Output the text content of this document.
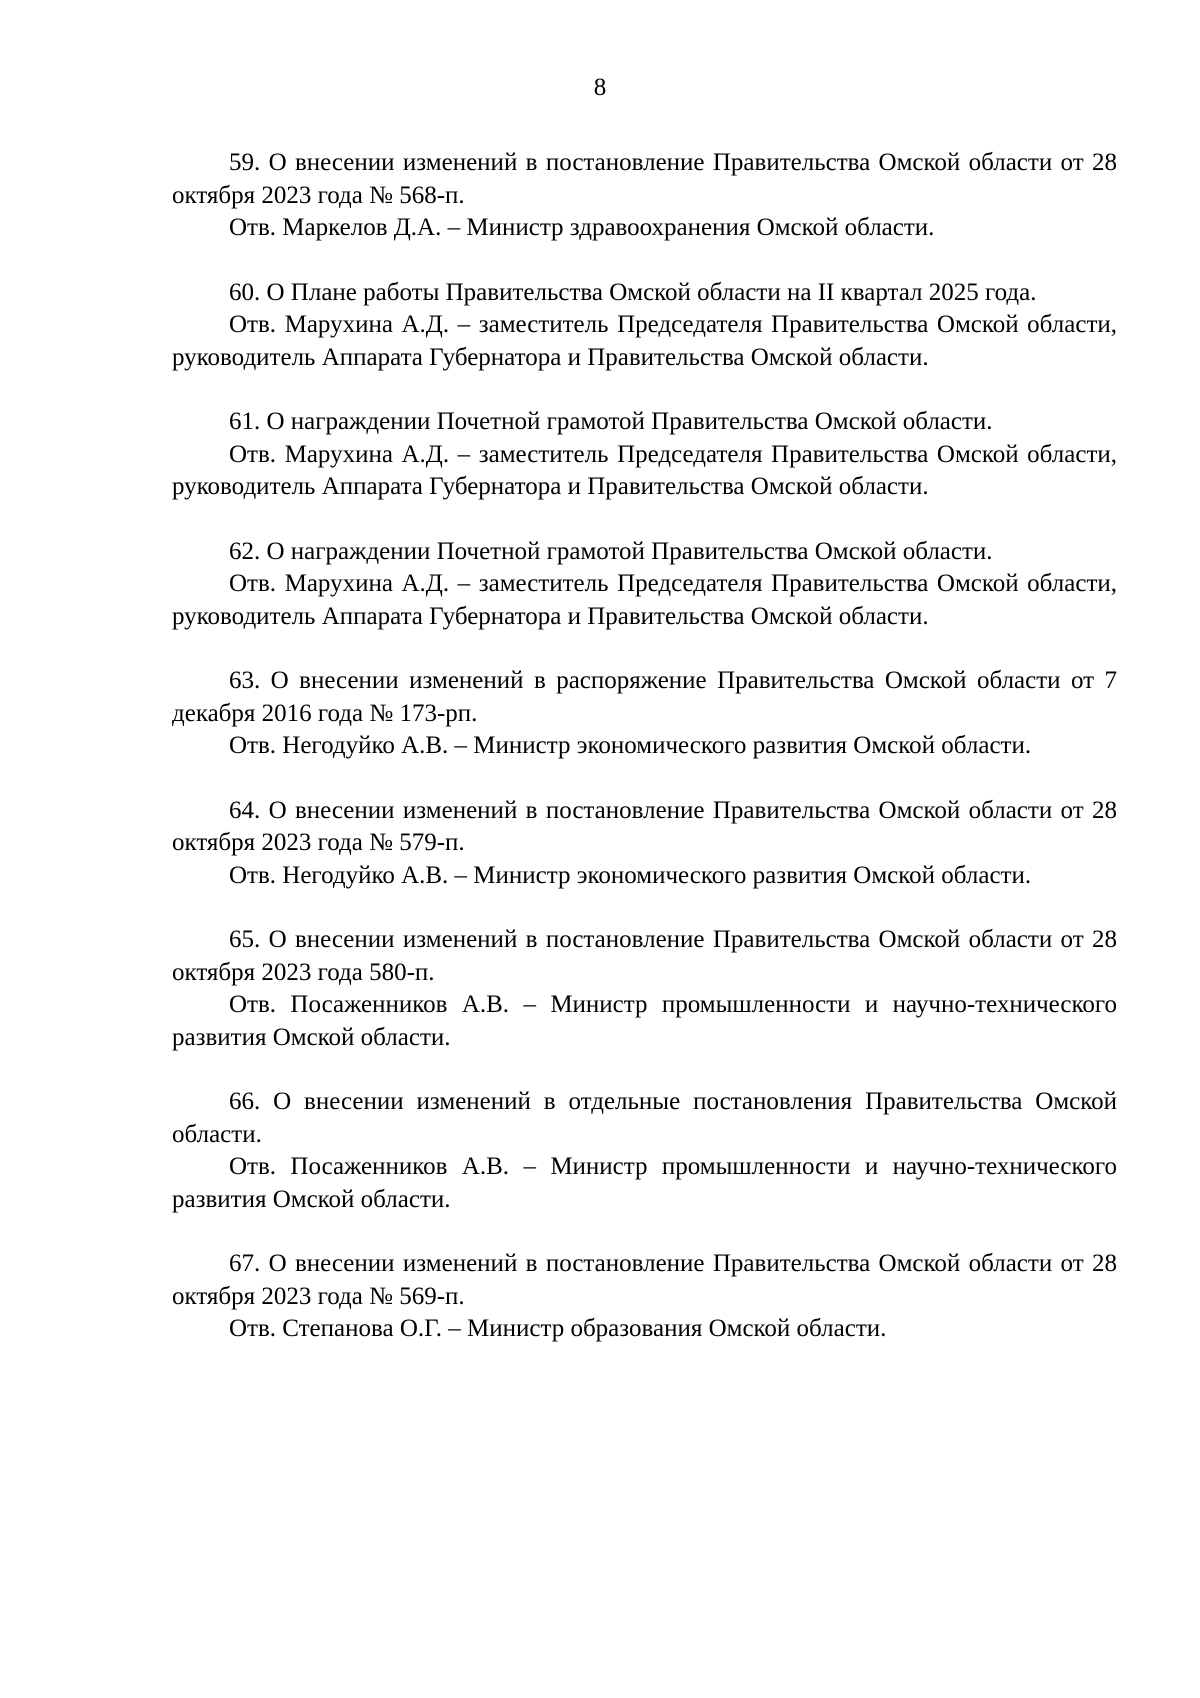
8

59. О внесении изменений в постановление Правительства Омской области от 28 октября 2023 года № 568-п.

Отв. Маркелов Д.А. – Министр здравоохранения Омской области.

60. О Плане работы Правительства Омской области на II квартал 2025 года.

Отв. Марухина А.Д. – заместитель Председателя Правительства Омской области, руководитель Аппарата Губернатора и Правительства Омской области.

61. О награждении Почетной грамотой Правительства Омской области.

Отв. Марухина А.Д. – заместитель Председателя Правительства Омской области, руководитель Аппарата Губернатора и Правительства Омской области.

62. О награждении Почетной грамотой Правительства Омской области.

Отв. Марухина А.Д. – заместитель Председателя Правительства Омской области, руководитель Аппарата Губернатора и Правительства Омской области.

63. О внесении изменений в распоряжение Правительства Омской области от 7 декабря 2016 года № 173-рп.

Отв. Негодуйко А.В. – Министр экономического развития Омской области.

64. О внесении изменений в постановление Правительства Омской области от 28 октября 2023 года № 579-п.

Отв. Негодуйко А.В. – Министр экономического развития Омской области.

65. О внесении изменений в постановление Правительства Омской области от 28 октября 2023 года 580-п.

Отв. Посаженников А.В. – Министр промышленности и научно-технического развития Омской области.

66. О внесении изменений в отдельные постановления Правительства Омской области.

Отв. Посаженников А.В. – Министр промышленности и научно-технического развития Омской области.

67. О внесении изменений в постановление Правительства Омской области от 28 октября 2023 года № 569-п.

Отв. Степанова О.Г. – Министр образования Омской области.
